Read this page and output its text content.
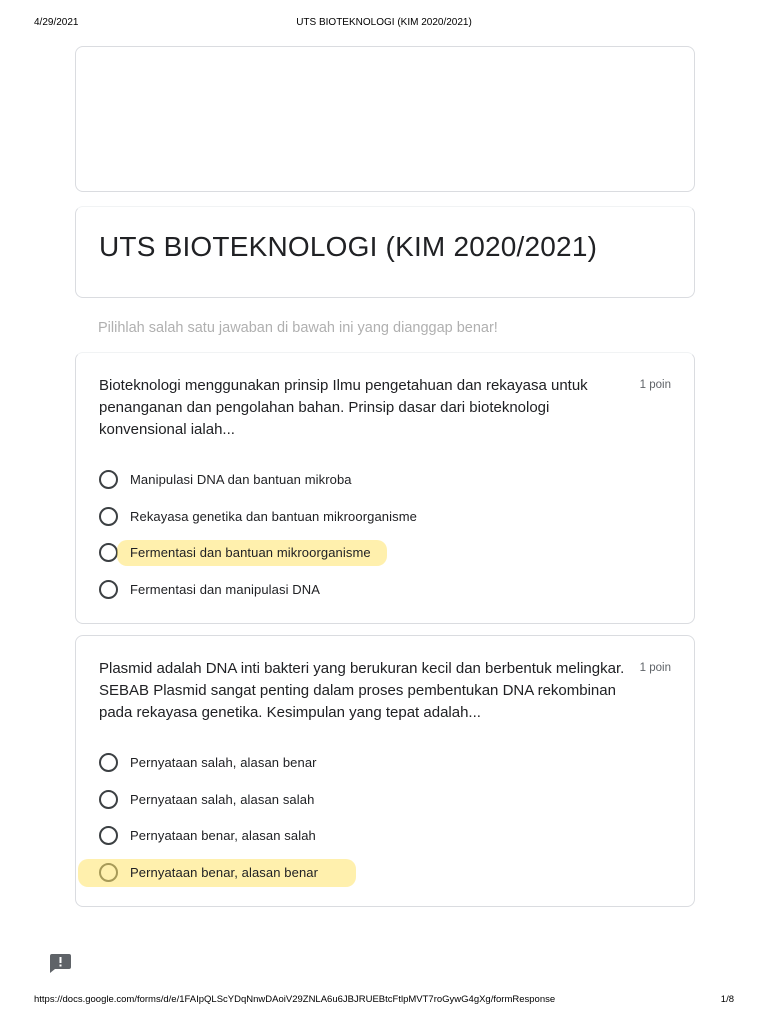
4/29/2021	UTS BIOTEKNOLOGI (KIM 2020/2021)
UTS BIOTEKNOLOGI (KIM 2020/2021)
Pilihlah salah satu jawaban di bawah ini yang dianggap benar!
Bioteknologi menggunakan prinsip Ilmu pengetahuan dan rekayasa untuk penanganan dan pengolahan bahan. Prinsip dasar dari bioteknologi konvensional ialah...
1 poin
Manipulasi DNA dan bantuan mikroba
Rekayasa genetika dan bantuan mikroorganisme
Fermentasi dan bantuan mikroorganisme
Fermentasi dan manipulasi DNA
Plasmid adalah DNA inti bakteri yang berukuran kecil dan berbentuk melingkar. SEBAB Plasmid sangat penting dalam proses pembentukan DNA rekombinan pada rekayasa genetika. Kesimpulan yang tepat adalah...
1 poin
Pernyataan salah, alasan benar
Pernyataan salah, alasan salah
Pernyataan benar, alasan salah
Pernyataan benar, alasan benar
https://docs.google.com/forms/d/e/1FAIpQLScYDqNnwDAoiV29ZNLA6u6JBJRUEBtcFtlpMVT7roGywG4gXg/formResponse	1/8
